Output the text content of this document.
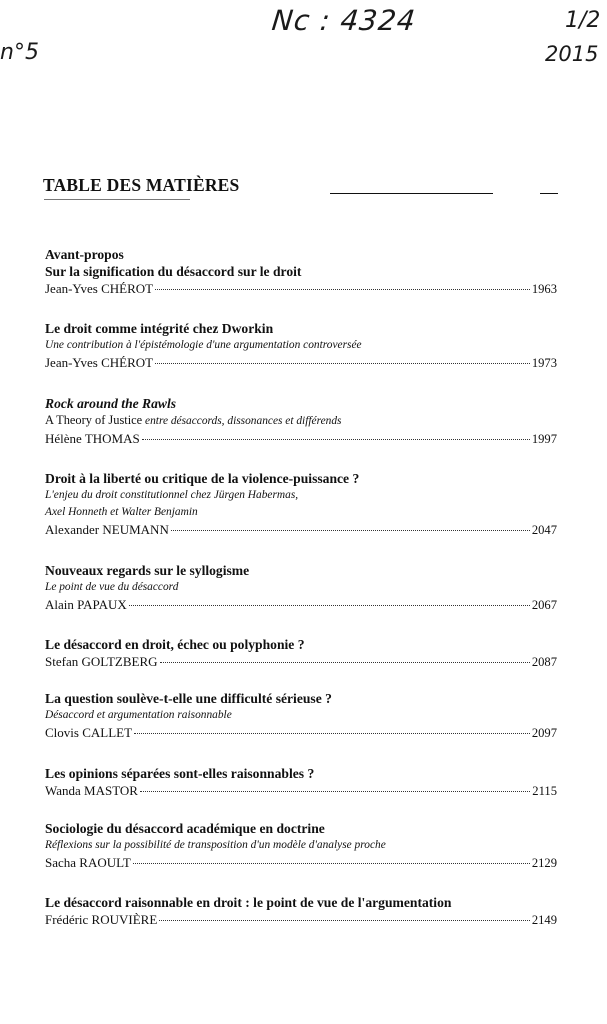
Nc : 4324	1/2
n°5	2015
TABLE DES MATIÈRES
Avant-propos
Sur la signification du désaccord sur le droit
Jean-Yves CHÉROT	1963
Le droit comme intégrité chez Dworkin
Une contribution à l'épistémologie d'une argumentation controversée
Jean-Yves CHÉROT	1973
Rock around the Rawls
A Theory of Justice entre désaccords, dissonances et différends
Hélène THOMAS	1997
Droit à la liberté ou critique de la violence-puissance ?
L'enjeu du droit constitutionnel chez Jürgen Habermas,
Axel Honneth et Walter Benjamin
Alexander NEUMANN	2047
Nouveaux regards sur le syllogisme
Le point de vue du désaccord
Alain PAPAUX	2067
Le désaccord en droit, échec ou polyphonie ?
Stefan GOLTZBERG	2087
La question soulève-t-elle une difficulté sérieuse ?
Désaccord et argumentation raisonnable
Clovis CALLET	2097
Les opinions séparées sont-elles raisonnables ?
Wanda MASTOR	2115
Sociologie du désaccord académique en doctrine
Réflexions sur la possibilité de transposition d'un modèle d'analyse proche
Sacha RAOULT	2129
Le désaccord raisonnable en droit : le point de vue de l'argumentation
Frédéric ROUVIÈRE	2149
